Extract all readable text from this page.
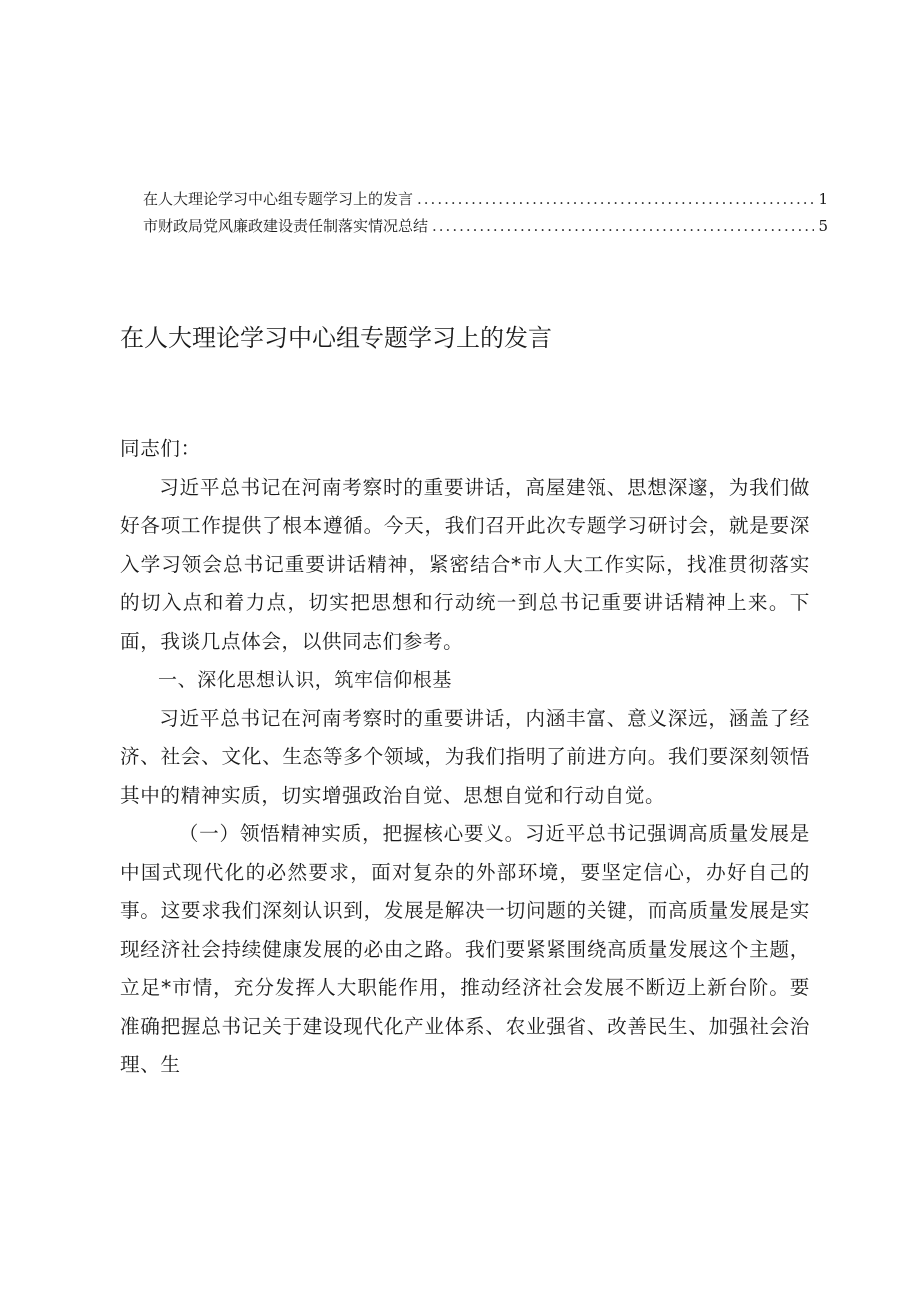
在人大理论学习中心组专题学习上的发言 .....	1
市财政局党风廉政建设责任制落实情况总结 .....	5
在人大理论学习中心组专题学习上的发言

同志们：

习近平总书记在河南考察时的重要讲话，高屋建瓴、思想深邃，为我们做好各项工作提供了根本遵循。今天，我们召开此次专题学习研讨会，就是要深入学习领会总书记重要讲话精神，紧密结合*市人大工作实际，找准贯彻落实的切入点和着力点，切实把思想和行动统一到总书记重要讲话精神上来。下面，我谈几点体会，以供同志们参考。

一、深化思想认识，筑牢信仰根基

习近平总书记在河南考察时的重要讲话，内涵丰富、意义深远，涵盖了经济、社会、文化、生态等多个领域，为我们指明了前进方向。我们要深刻领悟其中的精神实质，切实增强政治自觉、思想自觉和行动自觉。

（一）领悟精神实质，把握核心要义。习近平总书记强调高质量发展是中国式现代化的必然要求，面对复杂的外部环境，要坚定信心，办好自己的事。这要求我们深刻认识到，发展是解决一切问题的关键，而高质量发展是实现经济社会持续健康发展的必由之路。我们要紧紧围绕高质量发展这个主题，立足*市情，充分发挥人大职能作用，推动经济社会发展不断迈上新台阶。要准确把握总书记关于建设现代化产业体系、农业强省、改善民生、加强社会治理、生
